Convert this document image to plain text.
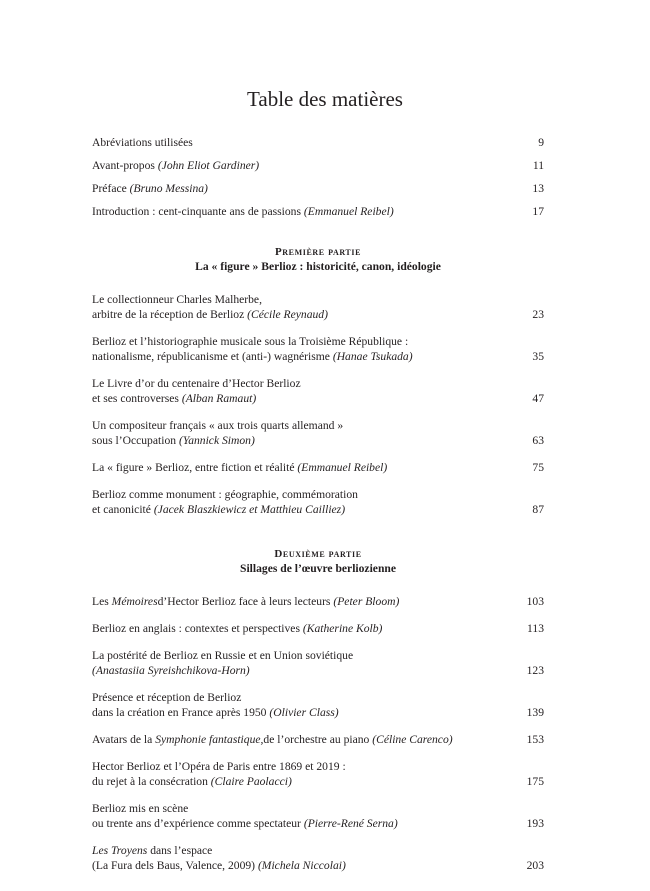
Table des matières
Abréviations utilisées	9
Avant-propos
(John Eliot Gardiner)	11
Préface
(Bruno Messina)	13
Introduction : cent-cinquante ans de passions
(Emmanuel Reibel)	17
Première partie
La « figure » Berlioz : historicité, canon, idéologie
Le collectionneur Charles Malherbe,
arbitre de la réception de Berlioz
(Cécile Reynaud)	23
Berlioz et l’historiographie musicale sous la Troisième République :
nationalisme, républicanisme et (anti-) wagnérisme
(Hanae Tsukada)	35
Le Livre d’or du centenaire d’Hector Berlioz
et ses controverses
(Alban Ramaut)	47
Un compositeur français « aux trois quarts allemand »
sous l’Occupation
(Yannick Simon)	63
La « figure » Berlioz, entre fiction et réalité
(Emmanuel Reibel)	75
Berlioz comme monument : géographie, commémoration
et canonicité
(Jacek Blaszkiewicz et Matthieu Cailliez)	87
Deuxième partie
Sillages de l’œuvre berliozienne
Les
Mémoires d’Hector Berlioz face à leurs lecteurs
(Peter Bloom)	103
Berlioz en anglais : contextes et perspectives
(Katherine Kolb)	113
La postérité de Berlioz en Russie et en Union soviétique
(Anastasiia Syreishchikova-Horn)	123
Présence et réception de Berlioz
dans la création en France après 1950
(Olivier Class)	139
Avatars de la
Symphonie fantastique, de l’orchestre au piano
(Céline Carenco)	153
Hector Berlioz et l’Opéra de Paris entre 1869 et 2019 :
du rejet à la consécration
(Claire Paolacci)	175
Berlioz mis en scène
ou trente ans d’expérience comme spectateur
(Pierre-René Serna)	193
Les Troyens dans l’espace
(La Fura dels Baus, Valence, 2009)
(Michela Niccolai)	203
